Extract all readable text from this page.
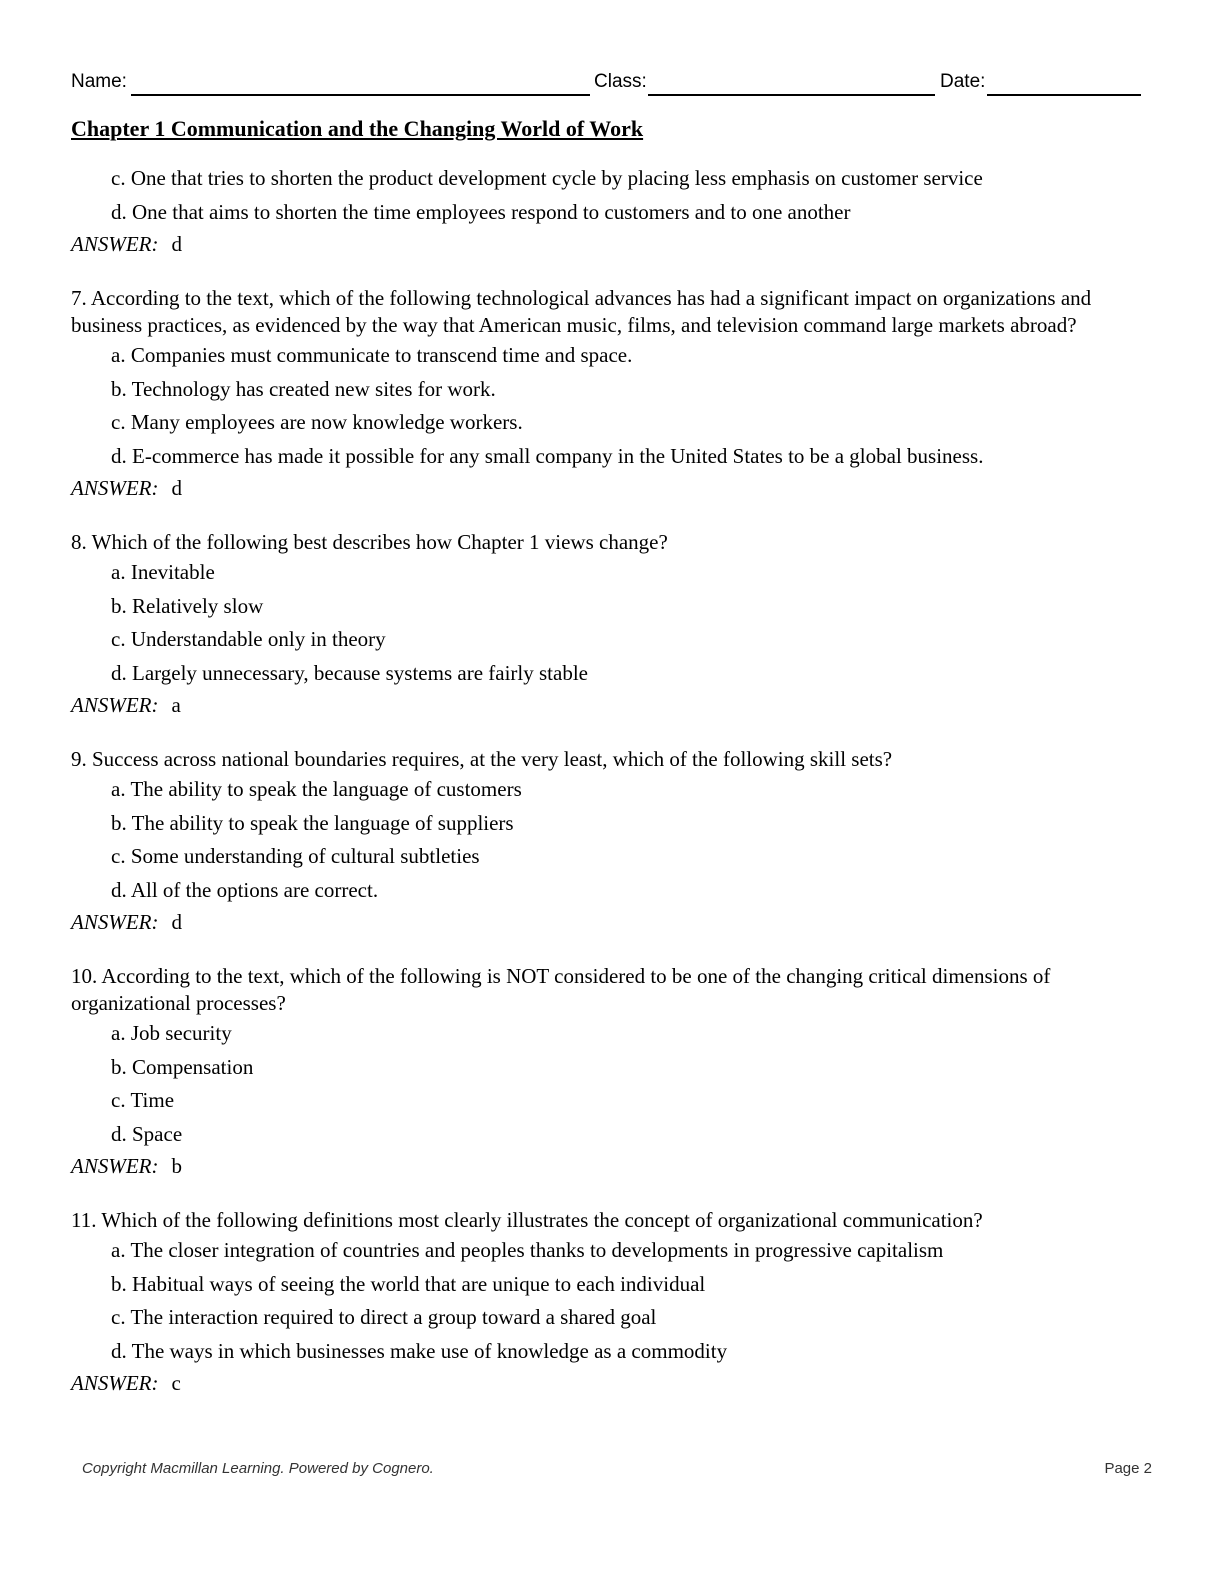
Name:	Class:	Date:
Chapter 1 Communication and the Changing World of Work
c. One that tries to shorten the product development cycle by placing less emphasis on customer service
d. One that aims to shorten the time employees respond to customers and to one another
ANSWER: d
7. According to the text, which of the following technological advances has had a significant impact on organizations and business practices, as evidenced by the way that American music, films, and television command large markets abroad?
a. Companies must communicate to transcend time and space.
b. Technology has created new sites for work.
c. Many employees are now knowledge workers.
d. E-commerce has made it possible for any small company in the United States to be a global business.
ANSWER: d
8. Which of the following best describes how Chapter 1 views change?
a. Inevitable
b. Relatively slow
c. Understandable only in theory
d. Largely unnecessary, because systems are fairly stable
ANSWER: a
9. Success across national boundaries requires, at the very least, which of the following skill sets?
a. The ability to speak the language of customers
b. The ability to speak the language of suppliers
c. Some understanding of cultural subtleties
d. All of the options are correct.
ANSWER: d
10. According to the text, which of the following is NOT considered to be one of the changing critical dimensions of organizational processes?
a. Job security
b. Compensation
c. Time
d. Space
ANSWER: b
11. Which of the following definitions most clearly illustrates the concept of organizational communication?
a. The closer integration of countries and peoples thanks to developments in progressive capitalism
b. Habitual ways of seeing the world that are unique to each individual
c. The interaction required to direct a group toward a shared goal
d. The ways in which businesses make use of knowledge as a commodity
ANSWER: c
Copyright Macmillan Learning. Powered by Cognero.	Page 2
